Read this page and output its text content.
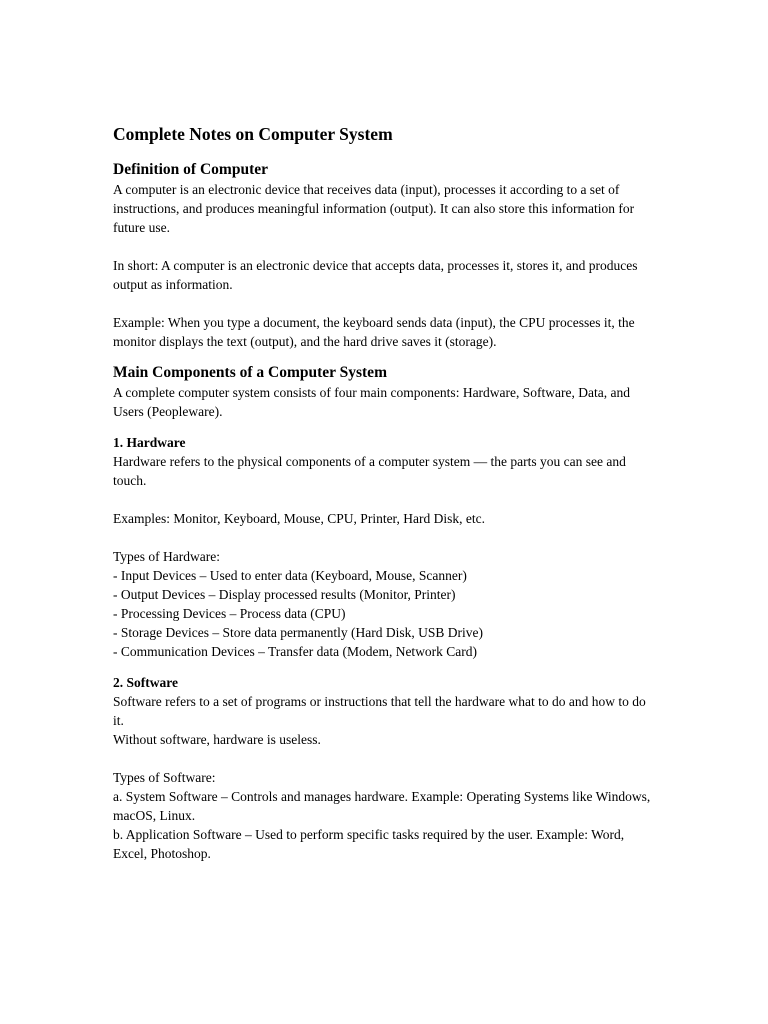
Complete Notes on Computer System
Definition of Computer

A computer is an electronic device that receives data (input), processes it according to a set of instructions, and produces meaningful information (output). It can also store this information for future use.

In short: A computer is an electronic device that accepts data, processes it, stores it, and produces output as information.

Example: When you type a document, the keyboard sends data (input), the CPU processes it, the monitor displays the text (output), and the hard drive saves it (storage).

Main Components of a Computer System

A complete computer system consists of four main components: Hardware, Software, Data, and Users (Peopleware).

1. Hardware

Hardware refers to the physical components of a computer system — the parts you can see and touch.

Examples: Monitor, Keyboard, Mouse, CPU, Printer, Hard Disk, etc.

Types of Hardware:

- Input Devices – Used to enter data (Keyboard, Mouse, Scanner)
- Output Devices – Display processed results (Monitor, Printer)
- Processing Devices – Process data (CPU)
- Storage Devices – Store data permanently (Hard Disk, USB Drive)
- Communication Devices – Transfer data (Modem, Network Card)
2. Software

Software refers to a set of programs or instructions that tell the hardware what to do and how to do it.

Without software, hardware is useless.

Types of Software:

a. System Software – Controls and manages hardware. Example: Operating Systems like Windows, macOS, Linux.
b. Application Software – Used to perform specific tasks required by the user. Example: Word, Excel, Photoshop.
